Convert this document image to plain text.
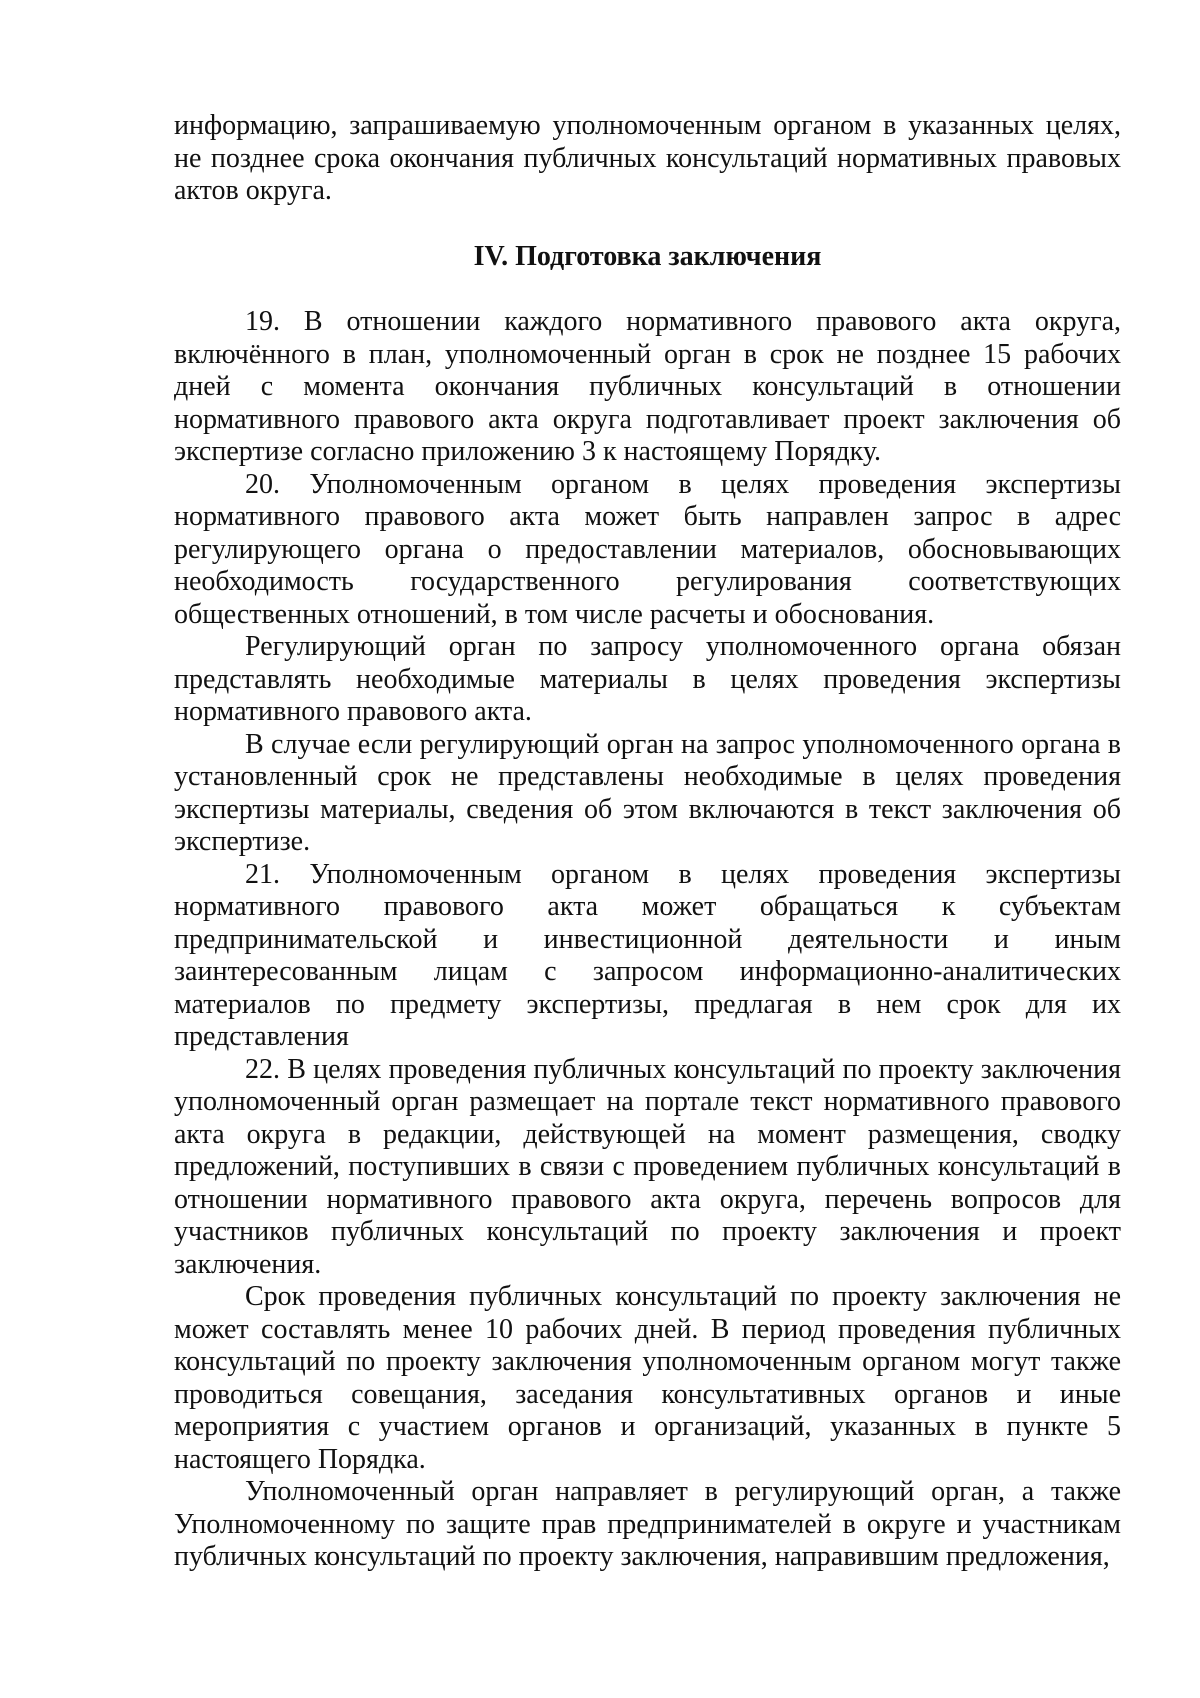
информацию, запрашиваемую уполномоченным органом в указанных целях, не позднее срока окончания публичных консультаций нормативных правовых актов округа.

IV. Подготовка заключения

19. В отношении каждого нормативного правового акта округа, включённого в план, уполномоченный орган в срок не позднее 15 рабочих дней с момента окончания публичных консультаций в отношении нормативного правового акта округа подготавливает проект заключения об экспертизе согласно приложению 3 к настоящему Порядку.

20. Уполномоченным органом в целях проведения экспертизы нормативного правового акта может быть направлен запрос в адрес регулирующего органа о предоставлении материалов, обосновывающих необходимость государственного регулирования соответствующих общественных отношений, в том числе расчеты и обоснования.

Регулирующий орган по запросу уполномоченного органа обязан представлять необходимые материалы в целях проведения экспертизы нормативного правового акта.

В случае если регулирующий орган на запрос уполномоченного органа в установленный срок не представлены необходимые в целях проведения экспертизы материалы, сведения об этом включаются в текст заключения об экспертизе.

21. Уполномоченным органом в целях проведения экспертизы нормативного правового акта может обращаться к субъектам предпринимательской и инвестиционной деятельности и иным заинтересованным лицам с запросом информационно-аналитических материалов по предмету экспертизы, предлагая в нем срок для их представления

22. В целях проведения публичных консультаций по проекту заключения уполномоченный орган размещает на портале текст нормативного правового акта округа в редакции, действующей на момент размещения, сводку предложений, поступивших в связи с проведением публичных консультаций в отношении нормативного правового акта округа, перечень вопросов для участников публичных консультаций по проекту заключения и проект заключения.

Срок проведения публичных консультаций по проекту заключения не может составлять менее 10 рабочих дней. В период проведения публичных консультаций по проекту заключения уполномоченным органом могут также проводиться совещания, заседания консультативных органов и иные мероприятия с участием органов и организаций, указанных в пункте 5 настоящего Порядка.

Уполномоченный орган направляет в регулирующий орган, а также Уполномоченному по защите прав предпринимателей в округе и участникам публичных консультаций по проекту заключения, направившим предложения,
